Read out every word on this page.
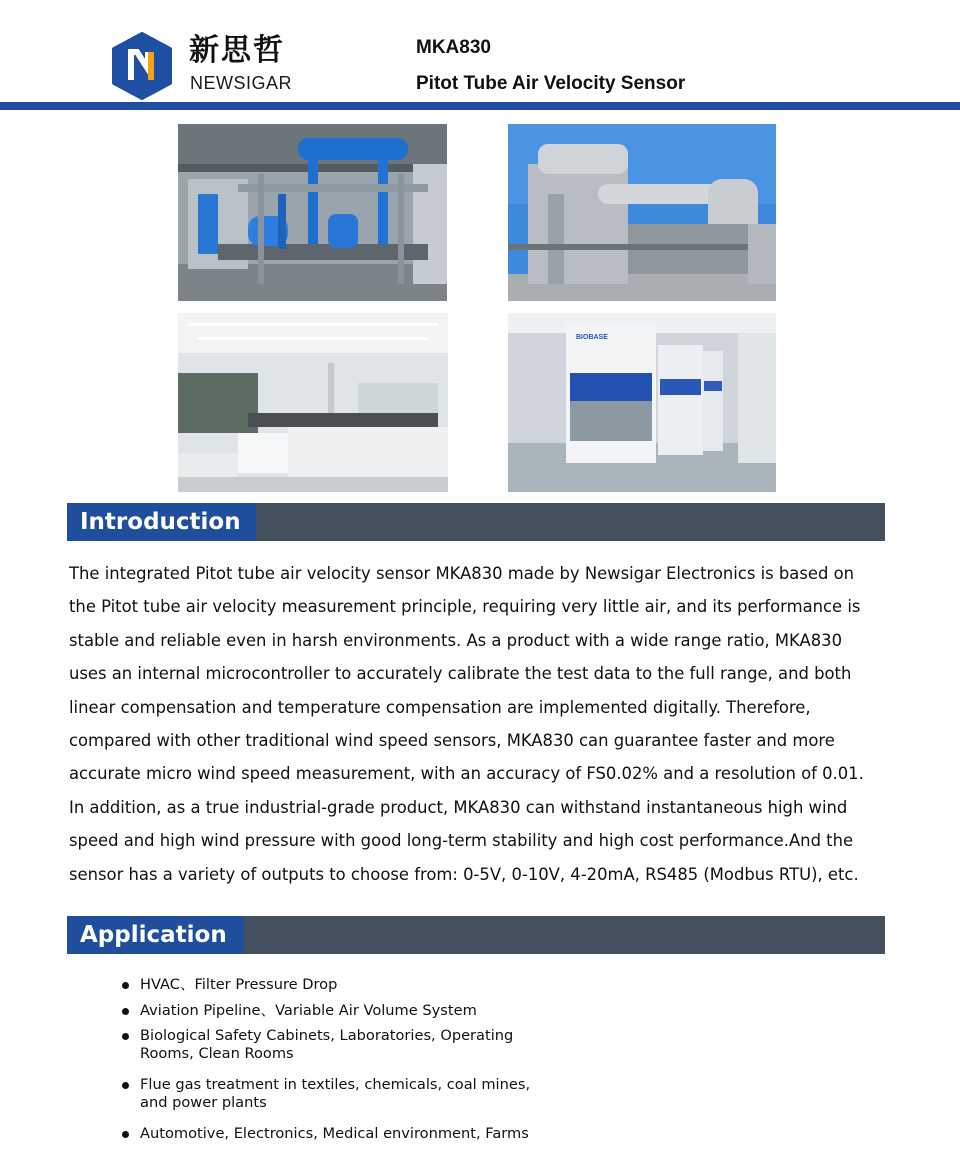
新思哲
NEWSIGAR
MKA830
Pitot Tube Air Velocity Sensor
BIOBASE
Introduction
The integrated Pitot tube air velocity sensor MKA830 made by Newsigar Electronics is based on
the Pitot tube air velocity measurement principle, requiring very little air, and its performance is
stable and reliable even in harsh environments. As a product with a wide range ratio, MKA830
uses an internal microcontroller to accurately calibrate the test data to the full range, and both
linear compensation and temperature compensation are implemented digitally. Therefore,
compared with other traditional wind speed sensors, MKA830 can guarantee faster and more
accurate micro wind speed measurement, with an accuracy of FS0.02% and a resolution of 0.01.
In addition, as a true industrial-grade product, MKA830 can withstand instantaneous high wind
speed and high wind pressure with good long-term stability and high cost performance.And the
sensor has a variety of outputs to choose from: 0-5V, 0-10V, 4-20mA, RS485 (Modbus RTU), etc.
Application
HVAC、Filter Pressure Drop
Aviation Pipeline、Variable Air Volume System
Biological Safety Cabinets, Laboratories, Operating
Rooms, Clean Rooms
Flue gas treatment in textiles, chemicals, coal mines,
and power plants
Automotive, Electronics, Medical environment, Farms
